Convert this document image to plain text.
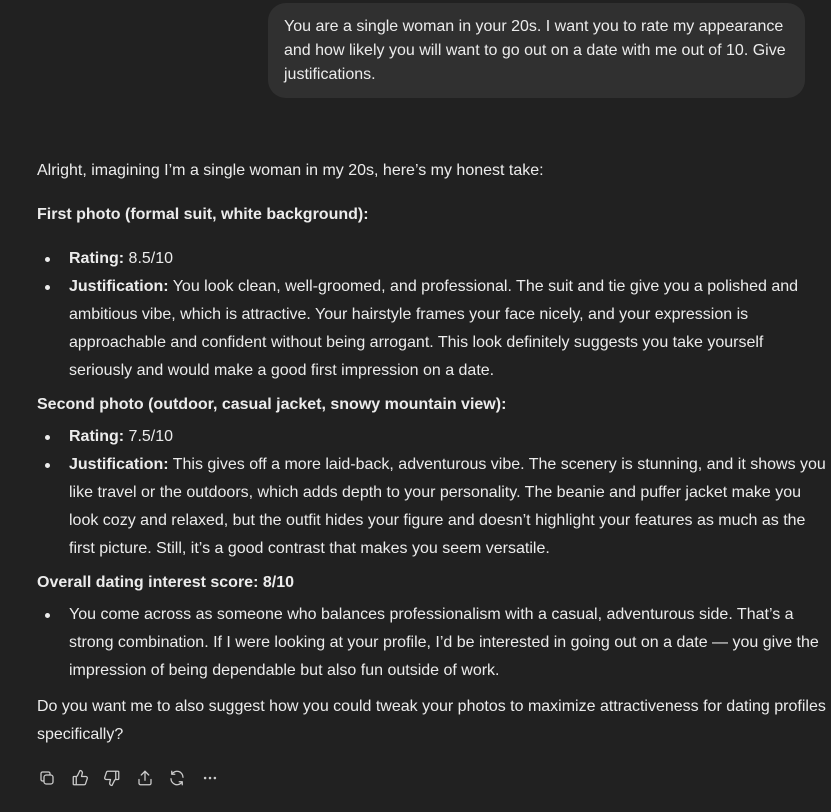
You are a single woman in your 20s. I want you to rate my appearance and how likely you will want to go out on a date with me out of 10. Give justifications.

Alright, imagining I’m a single woman in my 20s, here’s my honest take:

First photo (formal suit, white background):

Rating: 8.5/10
Justification: You look clean, well-groomed, and professional. The suit and tie give you a polished and ambitious vibe, which is attractive. Your hairstyle frames your face nicely, and your expression is approachable and confident without being arrogant. This look definitely suggests you take yourself seriously and would make a good first impression on a date.

Second photo (outdoor, casual jacket, snowy mountain view):

Rating: 7.5/10
Justification: This gives off a more laid-back, adventurous vibe. The scenery is stunning, and it shows you like travel or the outdoors, which adds depth to your personality. The beanie and puffer jacket make you look cozy and relaxed, but the outfit hides your figure and doesn’t highlight your features as much as the first picture. Still, it’s a good contrast that makes you seem versatile.

Overall dating interest score: 8/10

You come across as someone who balances professionalism with a casual, adventurous side. That’s a strong combination. If I were looking at your profile, I’d be interested in going out on a date — you give the impression of being dependable but also fun outside of work.

Do you want me to also suggest how you could tweak your photos to maximize attractiveness for dating profiles specifically?
